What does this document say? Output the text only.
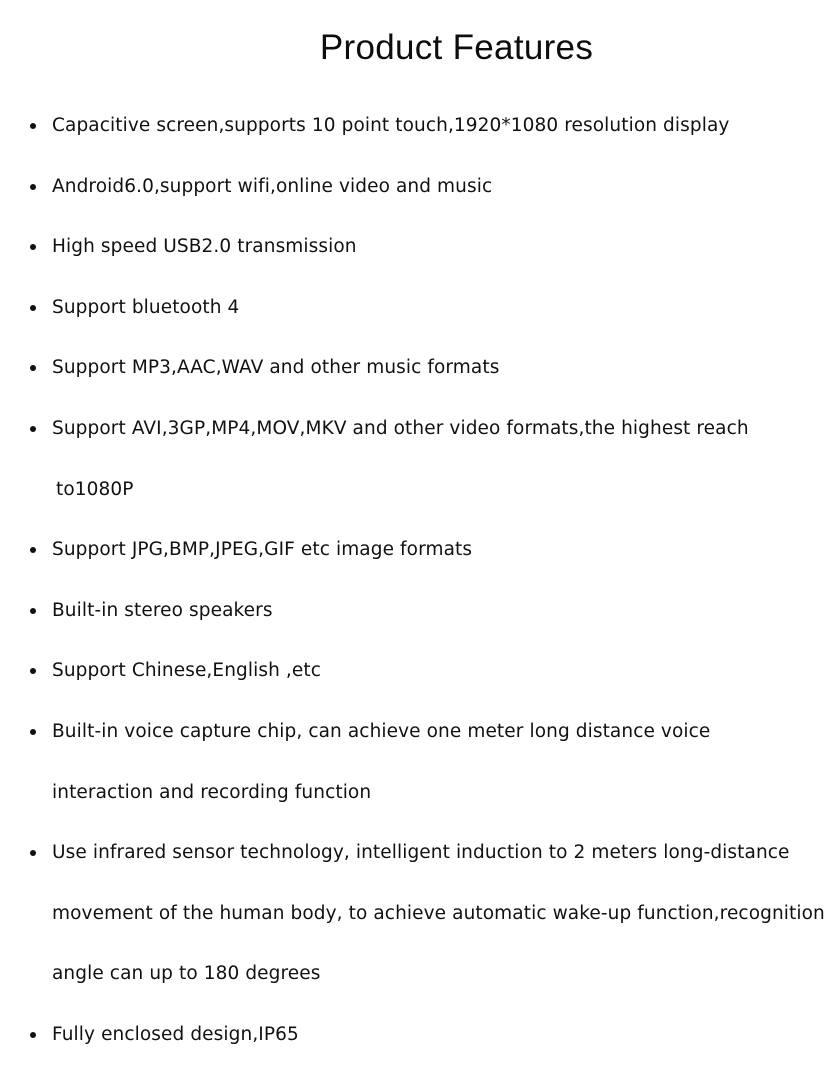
Product Features
Capacitive screen,supports 10 point touch,1920*1080 resolution display
Android6.0,support wifi,online video and music
High speed USB2.0 transmission
Support bluetooth 4
Support MP3,AAC,WAV and other music formats
Support AVI,3GP,MP4,MOV,MKV and other video formats,the highest reach
to1080P
Support JPG,BMP,JPEG,GIF etc image formats
Built-in stereo speakers
Support Chinese,English ,etc
Built-in voice capture chip, can achieve one meter long distance voice
interaction and recording function
Use infrared sensor technology, intelligent induction to 2 meters long-distance
movement of the human body, to achieve automatic wake-up function,recognition
angle can up to 180 degrees
Fully enclosed design,IP65
